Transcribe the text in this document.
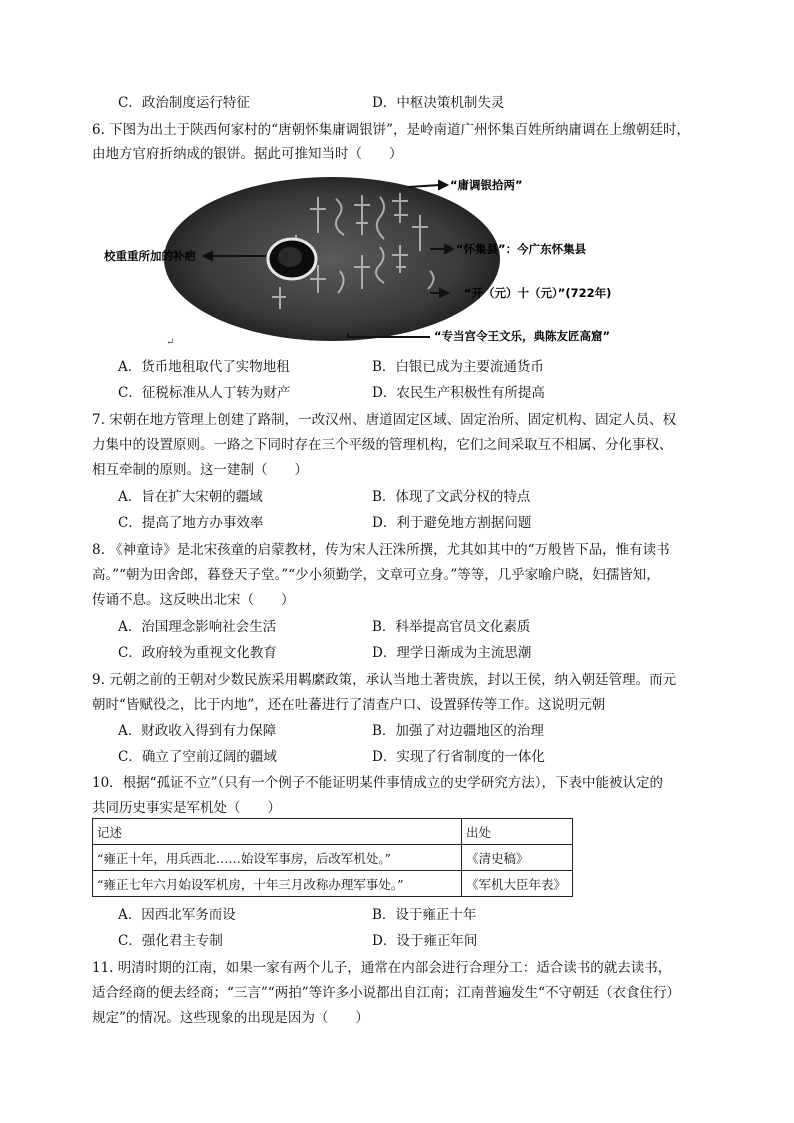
C．政治制度运行特征	D．中枢决策机制失灵
6. 下图为出土于陕西何家村的“唐朝怀集庸调银饼”，是岭南道广州怀集百姓所纳庸调在上缴朝廷时，
由地方官府折纳成的银饼。据此可推知当时（　　）
校重重所加的补疤
“庸调银拾两”
“怀集县”：今广东怀集县
“开（元）十（元）”(722年)
“专当宫令王文乐，典陈友匠高窟”
↵
A．货币地租取代了实物地租	B．白银已成为主要流通货币
C．征税标准从人丁转为财产	D．农民生产积极性有所提高
7. 宋朝在地方管理上创建了路制，一改汉州、唐道固定区域、固定治所、固定机构、固定人员、权
力集中的设置原则。一路之下同时存在三个平级的管理机构，它们之间采取互不相属、分化事权、
相互牵制的原则。这一建制（　　）
A．旨在扩大宋朝的疆域	B．体现了文武分权的特点
C．提高了地方办事效率	D．利于避免地方割据问题
8. 《神童诗》是北宋孩童的启蒙教材，传为宋人汪洙所撰，尤其如其中的“万般皆下品，惟有读书
高。”“朝为田舍郎，暮登天子堂。”“少小须勤学，文章可立身。”等等，几乎家喻户晓，妇孺皆知，
传诵不息。这反映出北宋（　　）
A．治国理念影响社会生活	B．科举提高官员文化素质
C．政府较为重视文化教育	D．理学日渐成为主流思潮
9. 元朝之前的王朝对少数民族采用羁縻政策，承认当地土著贵族，封以王侯，纳入朝廷管理。而元
朝时“皆赋役之，比于内地”，还在吐蕃进行了清查户口、设置驿传等工作。这说明元朝
A．财政收入得到有力保障	B．加强了对边疆地区的治理
C．确立了空前辽阔的疆域	D．实现了行省制度的一体化
10．根据“孤证不立”（只有一个例子不能证明某件事情成立的史学研究方法），下表中能被认定的
共同历史事实是军机处（　　）
记述	出处
“雍正十年，用兵西北……始设军事房，后改军机处。”	《清史稿》
“雍正七年六月始设军机房，十年三月改称办理军事处。”	《军机大臣年表》
A．因西北军务而设	B．设于雍正十年
C．强化君主专制	D．设于雍正年间
11. 明清时期的江南，如果一家有两个儿子，通常在内部会进行合理分工：适合读书的就去读书，
适合经商的便去经商；“三言”“两拍”等许多小说都出自江南；江南普遍发生“不守朝廷（衣食住行）
规定”的情况。这些现象的出现是因为（　　）
